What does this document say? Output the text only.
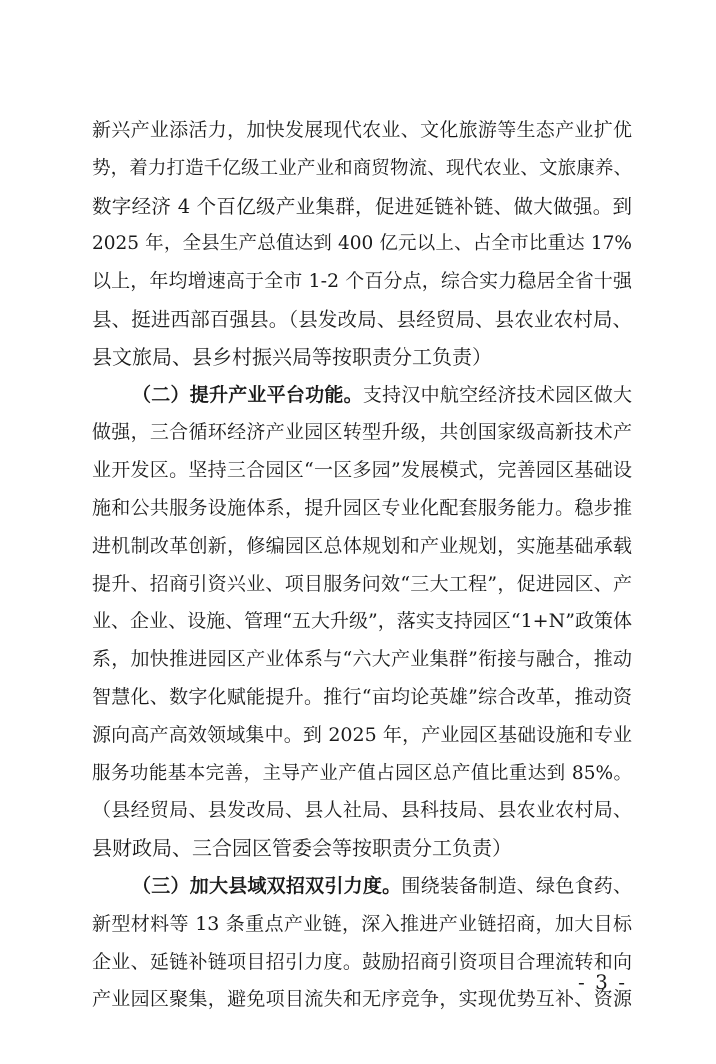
新兴产业添活力，加快发展现代农业、文化旅游等生态产业扩优
势，着力打造千亿级工业产业和商贸物流、现代农业、文旅康养、
数字经济 4 个百亿级产业集群，促进延链补链、做大做强。到
2025 年，全县生产总值达到 400 亿元以上、占全市比重达 17%
以上，年均增速高于全市 1-2 个百分点，综合实力稳居全省十强
县、挺进西部百强县。（县发改局、县经贸局、县农业农村局、
县文旅局、县乡村振兴局等按职责分工负责）
（二）提升产业平台功能。支持汉中航空经济技术园区做大
做强，三合循环经济产业园区转型升级，共创国家级高新技术产
业开发区。坚持三合园区“一区多园”发展模式，完善园区基础设
施和公共服务设施体系，提升园区专业化配套服务能力。稳步推
进机制改革创新，修编园区总体规划和产业规划，实施基础承载
提升、招商引资兴业、项目服务问效“三大工程”，促进园区、产
业、企业、设施、管理“五大升级”，落实支持园区“1+N”政策体
系，加快推进园区产业体系与“六大产业集群”衔接与融合，推动
智慧化、数字化赋能提升。推行“亩均论英雄”综合改革，推动资
源向高产高效领域集中。到 2025 年，产业园区基础设施和专业
服务功能基本完善，主导产业产值占园区总产值比重达到 85%。
（县经贸局、县发改局、县人社局、县科技局、县农业农村局、
县财政局、三合园区管委会等按职责分工负责）
（三）加大县域双招双引力度。围绕装备制造、绿色食药、
新型材料等 13 条重点产业链，深入推进产业链招商，加大目标
企业、延链补链项目招引力度。鼓励招商引资项目合理流转和向
产业园区聚集，避免项目流失和无序竞争，实现优势互补、资源
- 3 -
